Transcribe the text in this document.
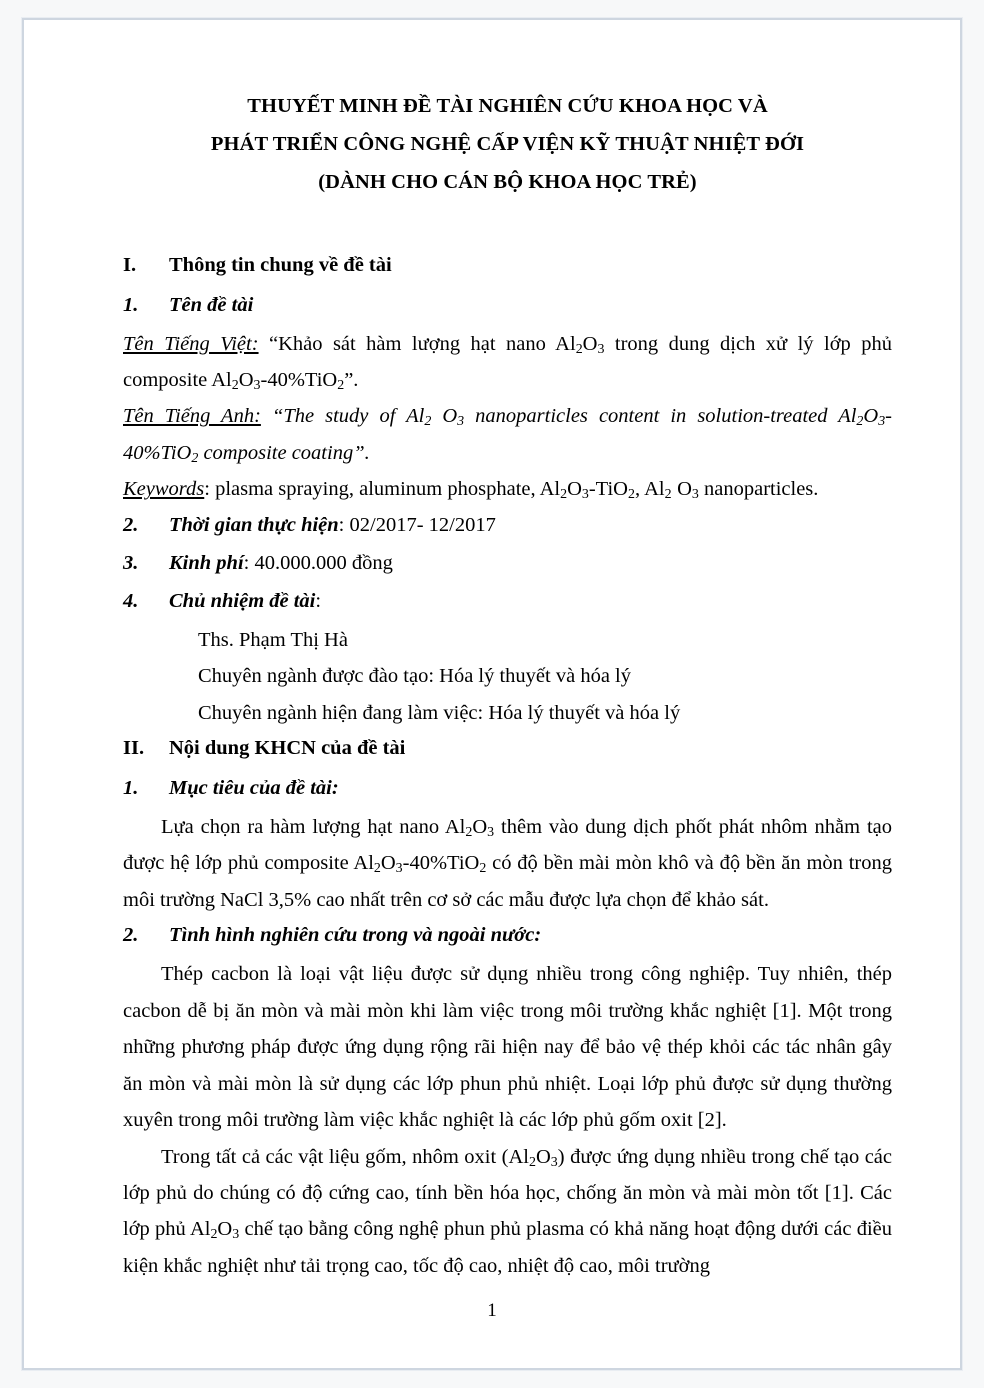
THUYẾT MINH ĐỀ TÀI NGHIÊN CỨU KHOA HỌC VÀ
PHÁT TRIỂN CÔNG NGHỆ CẤP VIỆN KỸ THUẬT NHIỆT ĐỚI
(DÀNH CHO CÁN BỘ KHOA HỌC TRẺ)
I.	Thông tin chung về đề tài
1.	Tên đề tài

Tên Tiếng Việt: “Khảo sát hàm lượng hạt nano $Al_2O_3$ trong dung dịch xử lý lớp phủ composite $Al_2O_3-40\%TiO_2$”.

Tên Tiếng Anh: “The study of $Al_2$ $O_3$ nanoparticles content in solution-treated $Al_2O_3-40\%TiO_2$ composite coating”.

Keywords: plasma spraying, aluminum phosphate, $Al_2O_3-TiO_2$, $Al_2$ $O_3$ nanoparticles.

2.	Thời gian thực hiện: 02/2017- 12/2017
3.	Kinh phí: 40.000.000 đồng
4.	Chủ nhiệm đề tài:
Ths. Phạm Thị Hà
Chuyên ngành được đào tạo: Hóa lý thuyết và hóa lý
Chuyên ngành hiện đang làm việc: Hóa lý thuyết và hóa lý
II.	Nội dung KHCN của đề tài
1.	Mục tiêu của đề tài:

Lựa chọn ra hàm lượng hạt nano $Al_2O_3$ thêm vào dung dịch phốt phát nhôm nhằm tạo được hệ lớp phủ composite $Al_2O_3-40\%TiO_2$ có độ bền mài mòn khô và độ bền ăn mòn trong môi trường NaCl 3,5% cao nhất trên cơ sở các mẫu được lựa chọn để khảo sát.

2.	Tình hình nghiên cứu trong và ngoài nước:

Thép cacbon là loại vật liệu được sử dụng nhiều trong công nghiệp. Tuy nhiên, thép cacbon dễ bị ăn mòn và mài mòn khi làm việc trong môi trường khắc nghiệt [1]. Một trong những phương pháp được ứng dụng rộng rãi hiện nay để bảo vệ thép khỏi các tác nhân gây ăn mòn và mài mòn là sử dụng các lớp phun phủ nhiệt. Loại lớp phủ được sử dụng thường xuyên trong môi trường làm việc khắc nghiệt là các lớp phủ gốm oxit [2].

Trong tất cả các vật liệu gốm, nhôm oxit $(Al_2O_3)$ được ứng dụng nhiều trong chế tạo các lớp phủ do chúng có độ cứng cao, tính bền hóa học, chống ăn mòn và mài mòn tốt [1]. Các lớp phủ $Al_2O_3$ chế tạo bằng công nghệ phun phủ plasma có khả năng hoạt động dưới các điều kiện khắc nghiệt như tải trọng cao, tốc độ cao, nhiệt độ cao, môi trường

1
